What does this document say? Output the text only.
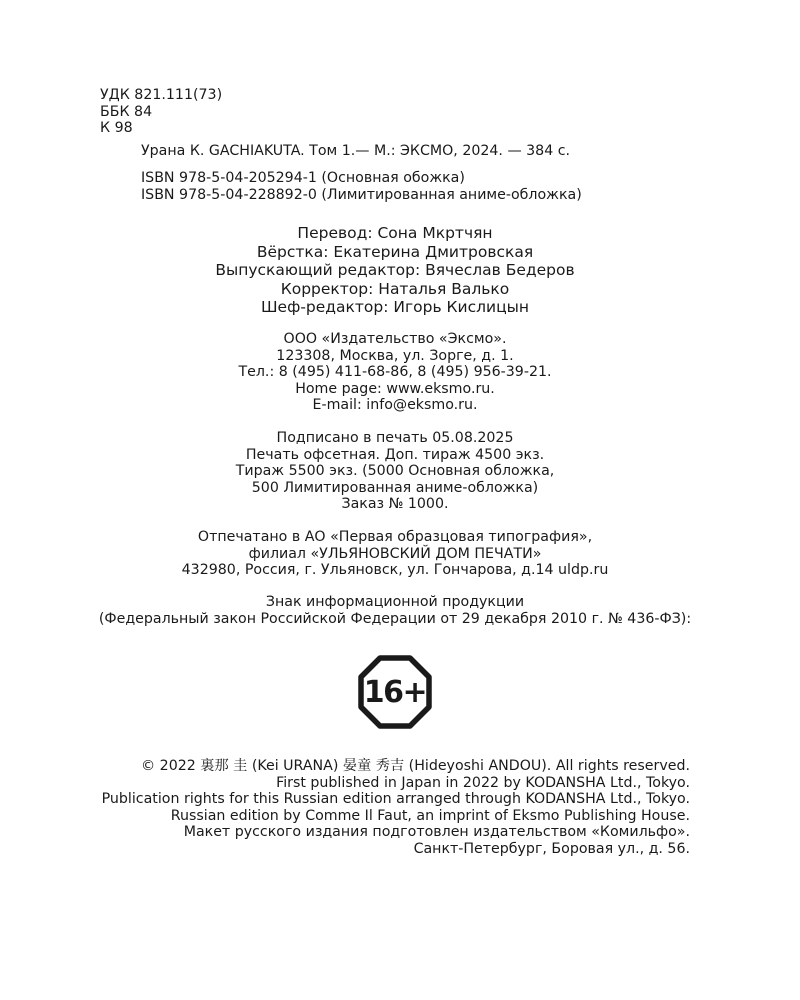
УДК 821.111(73)
ББК 84
К 98
Урана К. GACHIAKUTA. Том 1.— М.: ЭКСМО, 2024. — 384 с.
ISBN 978-5-04-205294-1 (Основная обожка)
ISBN 978-5-04-228892-0 (Лимитированная аниме-обложка)
Перевод: Сона Мкртчян
Вёрстка: Екатерина Дмитровская
Выпускающий редактор: Вячеслав Бедеров
Корректор: Наталья Валько
Шеф-редактор: Игорь Кислицын
ООО «Издательство «Эксмо».
123308, Москва, ул. Зорге, д. 1.
Тел.: 8 (495) 411-68-86, 8 (495) 956-39-21.
Home page: www.eksmo.ru.
E-mail: info@eksmo.ru.
Подписано в печать 05.08.2025
Печать офсетная. Доп. тираж 4500 экз.
Тираж 5500 экз. (5000 Основная обложка,
500 Лимитированная аниме-обложка)
Заказ № 1000.
Отпечатано в АО «Первая образцовая типография»,
филиал «УЛЬЯНОВСКИЙ ДОМ ПЕЧАТИ»
432980, Россия, г. Ульяновск, ул. Гончарова, д.14 uldp.ru
Знак информационной продукции
(Федеральный закон Российской Федерации от 29 декабря 2010 г. № 436-ФЗ):
16+
© 2022 裏那 圭 (Kei URANA) 晏童 秀吉 (Hideyoshi ANDOU). All rights reserved.
First published in Japan in 2022 by KODANSHA Ltd., Tokyo.
Publication rights for this Russian edition arranged through KODANSHA Ltd., Tokyo.
Russian edition by Comme Il Faut, an imprint of Eksmo Publishing House.
Макет русского издания подготовлен издательством «Комильфо».
Санкт-Петербург, Боровая ул., д. 56.
